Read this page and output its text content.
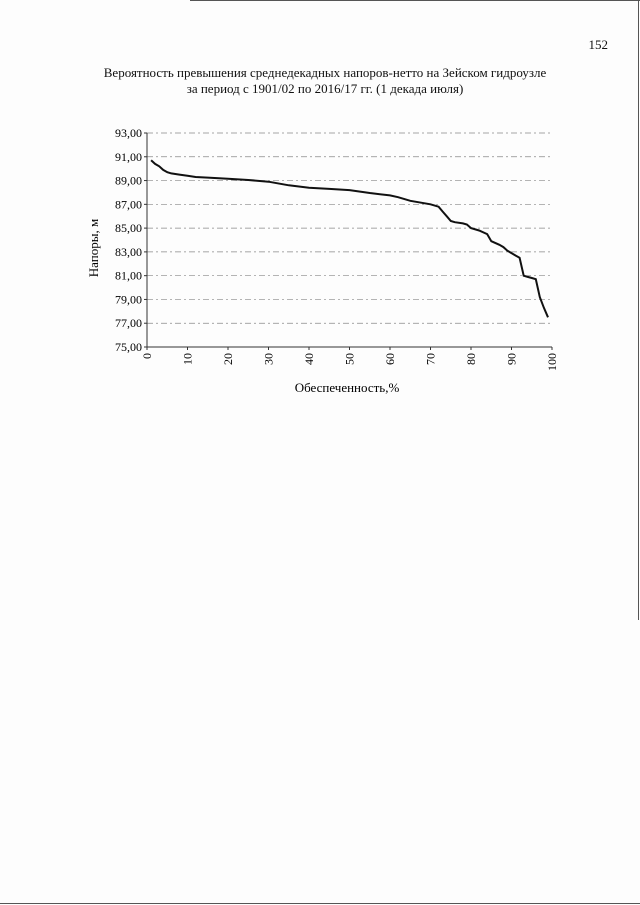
152
Вероятность превышения среднедекадных напоров-нетто на Зейском гидроузле
за период с 1901/02 по 2016/17 гг. (1 декада июля)
75,00
77,00
79,00
81,00
83,00
85,00
87,00
89,00
91,00
93,00
0 10 20 30 40 50 60 70 80 90 100
Обеспеченность,%
Напоры, м
